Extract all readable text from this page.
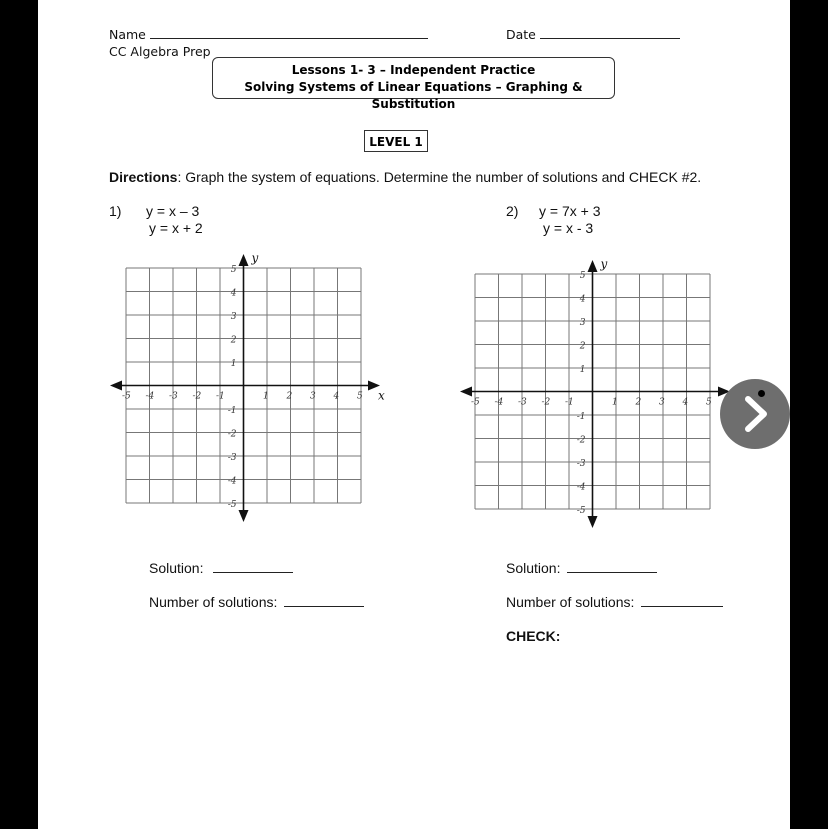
Name	Date
CC Algebra Prep
Lessons 1- 3 – Independent Practice
Solving Systems of Linear Equations – Graphing & Substitution
LEVEL 1
Directions: Graph the system of equations. Determine the number of solutions and CHECK #2.
1) y = x – 3
y = x + 2
2) y = 7x + 3
y = x - 3
-5 -4 -3 -2 -1	1 2 3 4 5
5
4
3
2
1
-1
-2
-3
-4
-5
x
y
-5 -4 -3 -2 -1	1 2 3 4 5
5
4
3
2
1
-1
-2
-3
-4
-5
y
Solution:
Number of solutions:
Solution:
Number of solutions:
CHECK:
